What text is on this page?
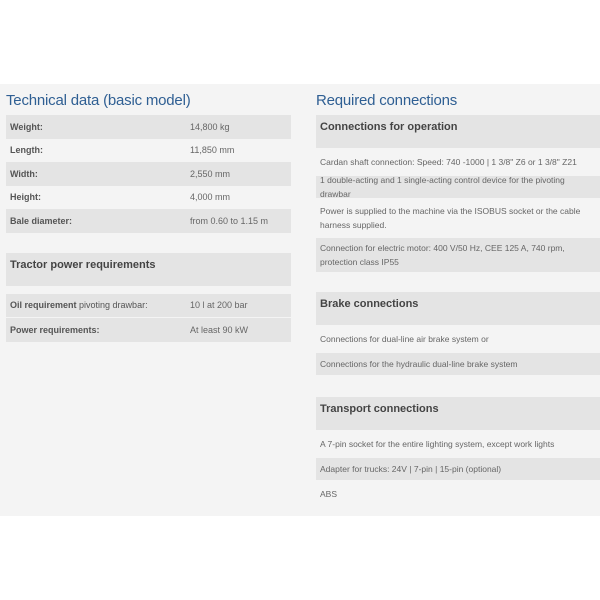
Technical data (basic model)
Weight:	14,800 kg
Length:	11,850 mm
Width:	2,550 mm
Height:	4,000 mm
Bale diameter:	from 0.60 to 1.15 m
Tractor power requirements
Oil requirement pivoting drawbar:	10 l at 200 bar
Power requirements:	At least 90 kW
Required connections
Connections for operation
Cardan shaft connection: Speed: 740 -1000 | 1 3/8" Z6 or 1 3/8" Z21
1 double-acting and 1 single-acting control device for the pivoting drawbar
Power is supplied to the machine via the ISOBUS socket or the cable harness supplied.
Connection for electric motor: 400 V/50 Hz, CEE 125 A, 740 rpm, protection class IP55
Brake connections
Connections for dual-line air brake system or
Connections for the hydraulic dual-line brake system
Transport connections
A 7-pin socket for the entire lighting system, except work lights
Adapter for trucks: 24V | 7-pin | 15-pin (optional)
ABS
